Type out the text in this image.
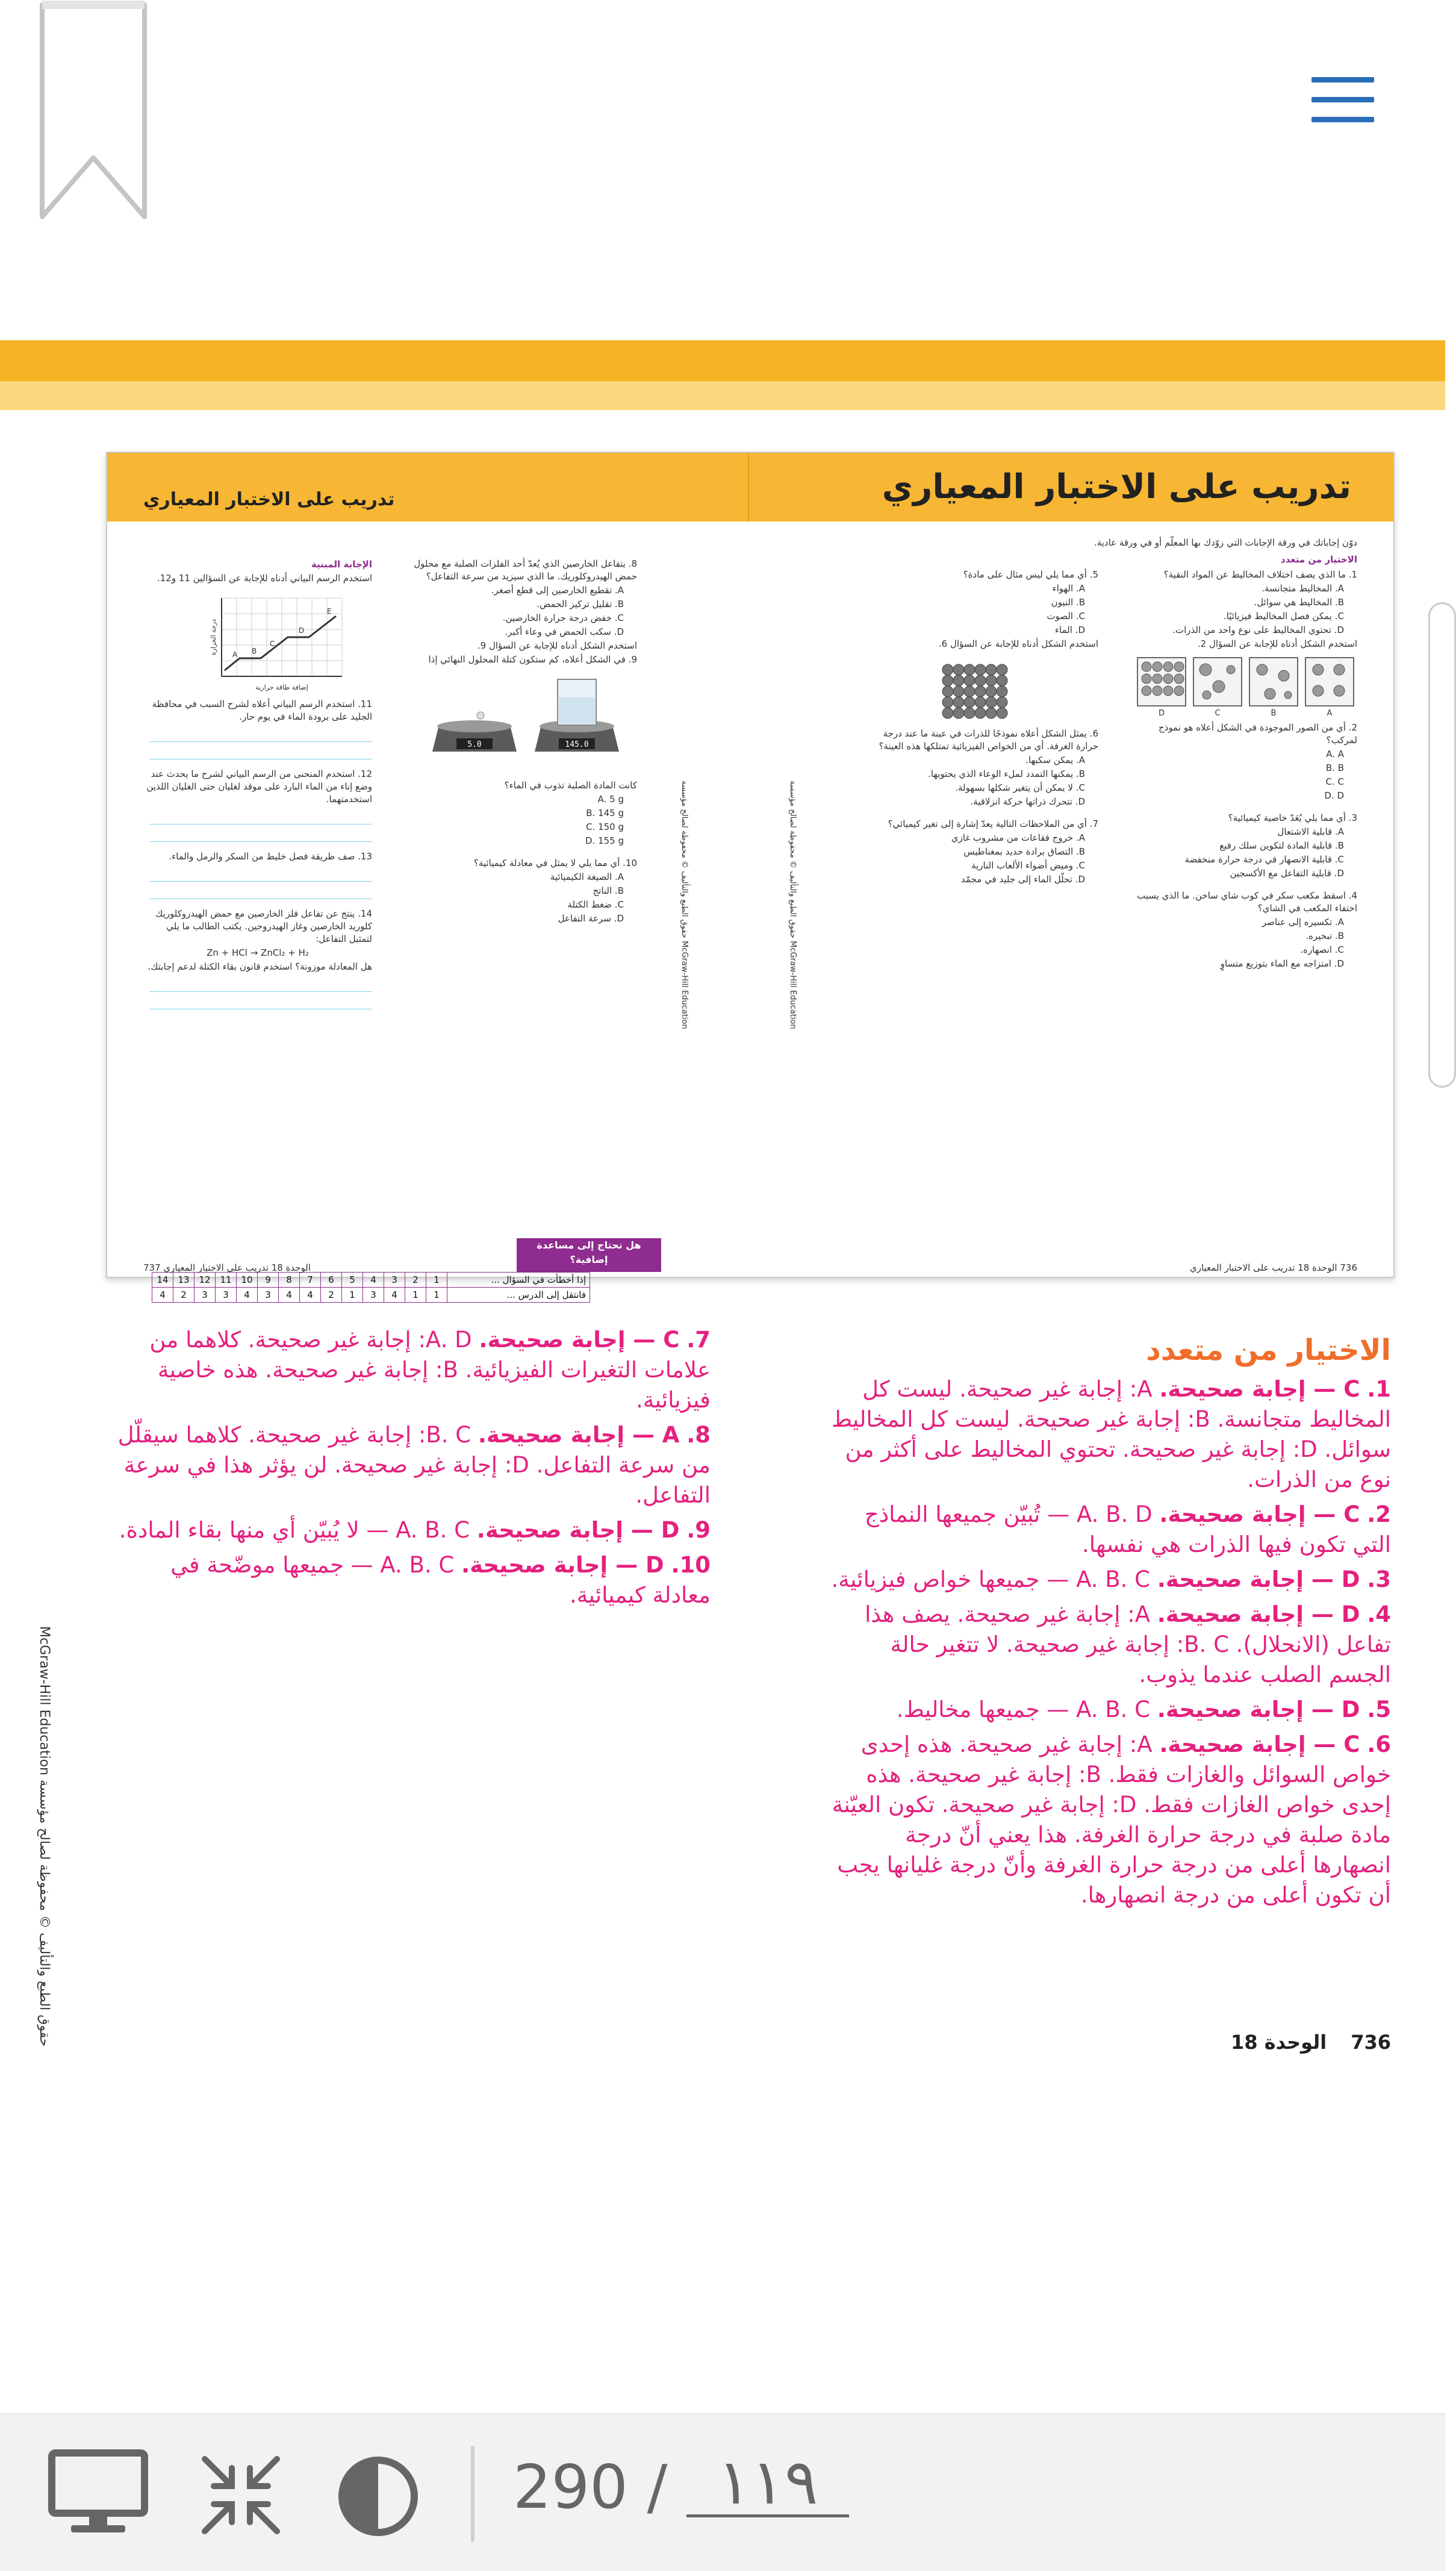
تدريب على الاختبار المعياري
تدريب على الاختبار المعياري
دوّن إجاباتك في ورقة الإجابات التي زوّدك بها المعلّم أو في ورقة عادية.
الاختيار من متعدد

1. ما الذي يصف اختلاف المخاليط عن المواد النقية؟

A. المخاليط متجانسة.

B. المخاليط هي سوائل.

C. يمكن فصل المخاليط فيزيائيًا.

D. تحتوي المخاليط على نوع واحد من الذرات.

استخدم الشكل أدناه للإجابة عن السؤال 2.

A
B
C
D

2. أي من الصور الموجودة في الشكل أعلاه هو نموذج لمركب؟

A. A

B. B

C. C

D. D

3. أي مما يلي يُعَدّ خاصية كيميائية؟

A. قابلية الاشتعال

B. قابلية المادة لتكوين سلك رفيع

C. قابلية الانصهار في درجة حرارة منخفضة

D. قابلية التفاعل مع الأكسجين

4. اسقط مكعب سكر في كوب شاي ساخن. ما الذي يسبب اختفاء المكعب في الشاي؟

A. تكسيره إلى عناصر

B. تبخيره.

C. انصهاره.

D. امتزاجه مع الماء بتوزيع متساوٍ

5. أي مما يلي ليس مثال على مادة؟

A. الهواء

B. النيون

C. الصوت

D. الماء

استخدم الشكل أدناه للإجابة عن السؤال 6.

6. يمثل الشكل أعلاه نموذجًا للذرات في عينة ما عند درجة حرارة الغرفة. أي من الخواص الفيزيائية تمتلكها هذه العينة؟

A. يمكن سكبها.

B. يمكنها التمدد لملء الوعاء الذي يحتويها.

C. لا يمكن أن يتغير شكلها بسهولة.

D. تتحرك ذراتها حركة انزلاقية.

7. أي من الملاحظات التالية يعدّ إشارة إلى تغير كيميائي؟

A. خروج فقاعات من مشروب غازي

B. التصاق برادة حديد بمغناطيس

C. وميض أضواء الألعاب النارية

D. تحلّل الماء إلى جليد في مجمّد

حقوق الطبع والتأليف © محفوظة لصالح مؤسسة McGraw-Hill Education
736 الوحدة 18 تدريب على الاختبار المعياري

8. يتفاعل الخارصين الذي يُعدّ أحد الفلزات الصلبة مع محلول حمض الهيدروكلوريك. ما الذي سيزيد من سرعة التفاعل؟

A. تقطيع الخارصين إلى قطع أصغر.

B. تقليل تركيز الحمض.

C. خفض درجة حرارة الخارصين.

D. سكب الحمض في وعاء أكبر.

استخدم الشكل أدناه للإجابة عن السؤال 9.

9. في الشكل أعلاه، كم ستكون كتلة المحلول النهائي إذا

5.0	145.0

كانت المادة الصلبة تذوب في الماء؟

A. 5 g

B. 145 g

C. 150 g

D. 155 g

10. أي مما يلي لا يمثل في معادلة كيميائية؟

A. الصيغة الكيميائية

B. الناتج

C. ضغط الكتلة

D. سرعة التفاعل

الإجابة المبنية

استخدم الرسم البياني أدناه للإجابة عن السؤالين 11 و12.

A B
C
D
E
إضافة طاقة حرارية
درجة الحرارة

11. استخدم الرسم البياني أعلاه لشرح السبب في محافظة الجليد على برودة الماء في يوم حار.

12. استخدم المنحنى من الرسم البياني لشرح ما يحدث عند وضع إناء من الماء البارد على موقد لغليان حتى الغليان اللذين استخدمتهما.

13. صف طريقة فصل خليط من السكر والرمل والماء.

14. ينتج عن تفاعل فلز الخارصين مع حمض الهيدروكلوريك كلوريد الخارصين وغاز الهيدروجين. يكتب الطالب ما يلي لتمثيل التفاعل:

Zn + HCl → ZnCl₂ + H₂

هل المعادلة موزونة؟ استخدم قانون بقاء الكتلة لدعم إجابتك.

حقوق الطبع والتأليف © محفوظة لصالح مؤسسة McGraw-Hill Education
هل تحتاج إلى مساعدة إضافية؟
إذا أخطأت في السؤال ...	1	2	3	4	5	6	7	8	9	10	11	12	13	14
فانتقل إلى الدرس ...	1	1	4	3	1	2	4	4	3	4	3	3	2	4
الوحدة 18 تدريب على الاختبار المعياري 737
الاختيار من متعدد

1. C — إجابة صحيحة. A: إجابة غير صحيحة. ليست كل المخاليط متجانسة. B: إجابة غير صحيحة. ليست كل المخاليط سوائل. D: إجابة غير صحيحة. تحتوي المخاليط على أكثر من نوع من الذرات.

2. C — إجابة صحيحة. A. B. D — تُبيّن جميعها النماذج التي تكون فيها الذرات هي نفسها.

3. D — إجابة صحيحة. A. B. C — جميعها خواص فيزيائية.

4. D — إجابة صحيحة. A: إجابة غير صحيحة. يصف هذا تفاعل (الانحلال). B. C: إجابة غير صحيحة. لا تتغير حالة الجسم الصلب عندما يذوب.

5. D — إجابة صحيحة. A. B. C — جميعها مخاليط.

6. C — إجابة صحيحة. A: إجابة غير صحيحة. هذه إحدى خواص السوائل والغازات فقط. B: إجابة غير صحيحة. هذه إحدى خواص الغازات فقط. D: إجابة غير صحيحة. تكون العيّنة مادة صلبة في درجة حرارة الغرفة. هذا يعني أنّ درجة انصهارها أعلى من درجة حرارة الغرفة وأنّ درجة غليانها يجب أن تكون أعلى من درجة انصهارها.

7. C — إجابة صحيحة. A. D: إجابة غير صحيحة. كلاهما من علامات التغيرات الفيزيائية. B: إجابة غير صحيحة. هذه خاصية فيزيائية.

8. A — إجابة صحيحة. B. C: إجابة غير صحيحة. كلاهما سيقلّل من سرعة التفاعل. D: إجابة غير صحيحة. لن يؤثر هذا في سرعة التفاعل.

9. D — إجابة صحيحة. A. B. C — لا يُبيّن أي منها بقاء المادة.

10. D — إجابة صحيحة. A. B. C — جميعها موضّحة في معادلة كيميائية.

حقوق الطبع والتأليف © محفوظة لصالح مؤسسة McGraw-Hill Education	736الوحدة 18
290 /
١١٩
